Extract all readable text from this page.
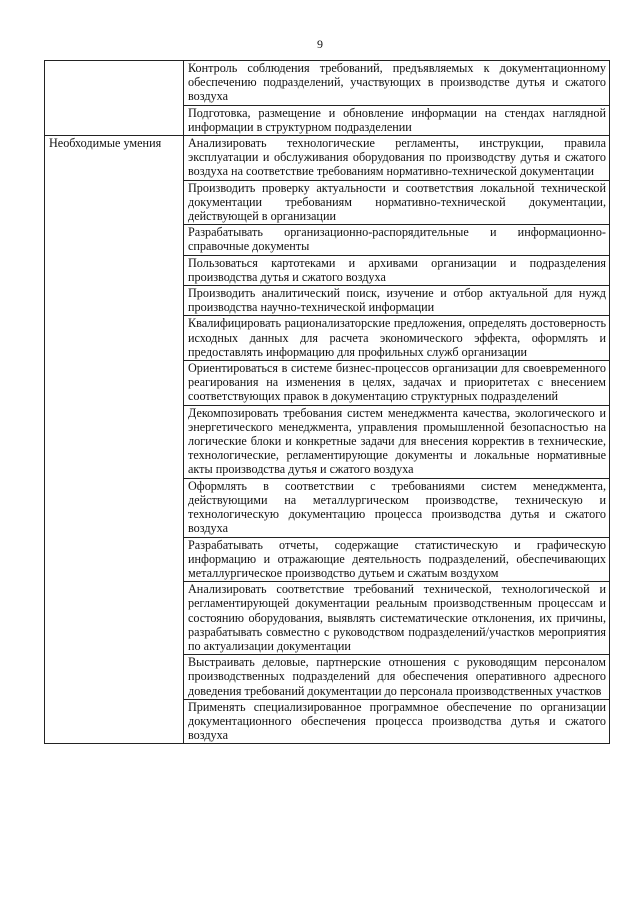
9
	Контроль соблюдения требований, предъявляемых к документационному обеспечению подразделений, участвующих в производстве дутья и сжатого воздуха
	Подготовка, размещение и обновление информации на стендах наглядной информации в структурном подразделении
Необходимые умения	Анализировать технологические регламенты, инструкции, правила эксплуатации и обслуживания оборудования по производству дутья и сжатого воздуха на соответствие требованиям нормативно-технической документации
	Производить проверку актуальности и соответствия локальной технической документации требованиям нормативно-технической документации, действующей в организации
	Разрабатывать организационно-распорядительные и информационно-справочные документы
	Пользоваться картотеками и архивами организации и подразделения производства дутья и сжатого воздуха
	Производить аналитический поиск, изучение и отбор актуальной для нужд производства научно-технической информации
	Квалифицировать рационализаторские предложения, определять достоверность исходных данных для расчета экономического эффекта, оформлять и предоставлять информацию для профильных служб организации
	Ориентироваться в системе бизнес-процессов организации для своевременного реагирования на изменения в целях, задачах и приоритетах с внесением соответствующих правок в документацию структурных подразделений
	Декомпозировать требования систем менеджмента качества, экологического и энергетического менеджмента, управления промышленной безопасностью на логические блоки и конкретные задачи для внесения корректив в технические, технологические, регламентирующие документы и локальные нормативные акты производства дутья и сжатого воздуха
	Оформлять в соответствии с требованиями систем менеджмента, действующими на металлургическом производстве, техническую и технологическую документацию процесса производства дутья и сжатого воздуха
	Разрабатывать отчеты, содержащие статистическую и графическую информацию и отражающие деятельность подразделений, обеспечивающих металлургическое производство дутьем и сжатым воздухом
	Анализировать соответствие требований технической, технологической и регламентирующей документации реальным производственным процессам и состоянию оборудования, выявлять систематические отклонения, их причины, разрабатывать совместно с руководством подразделений/участков мероприятия по актуализации документации
	Выстраивать деловые, партнерские отношения с руководящим персоналом производственных подразделений для обеспечения оперативного адресного доведения требований документации до персонала производственных участков
	Применять специализированное программное обеспечение по организации документационного обеспечения процесса производства дутья и сжатого воздуха
